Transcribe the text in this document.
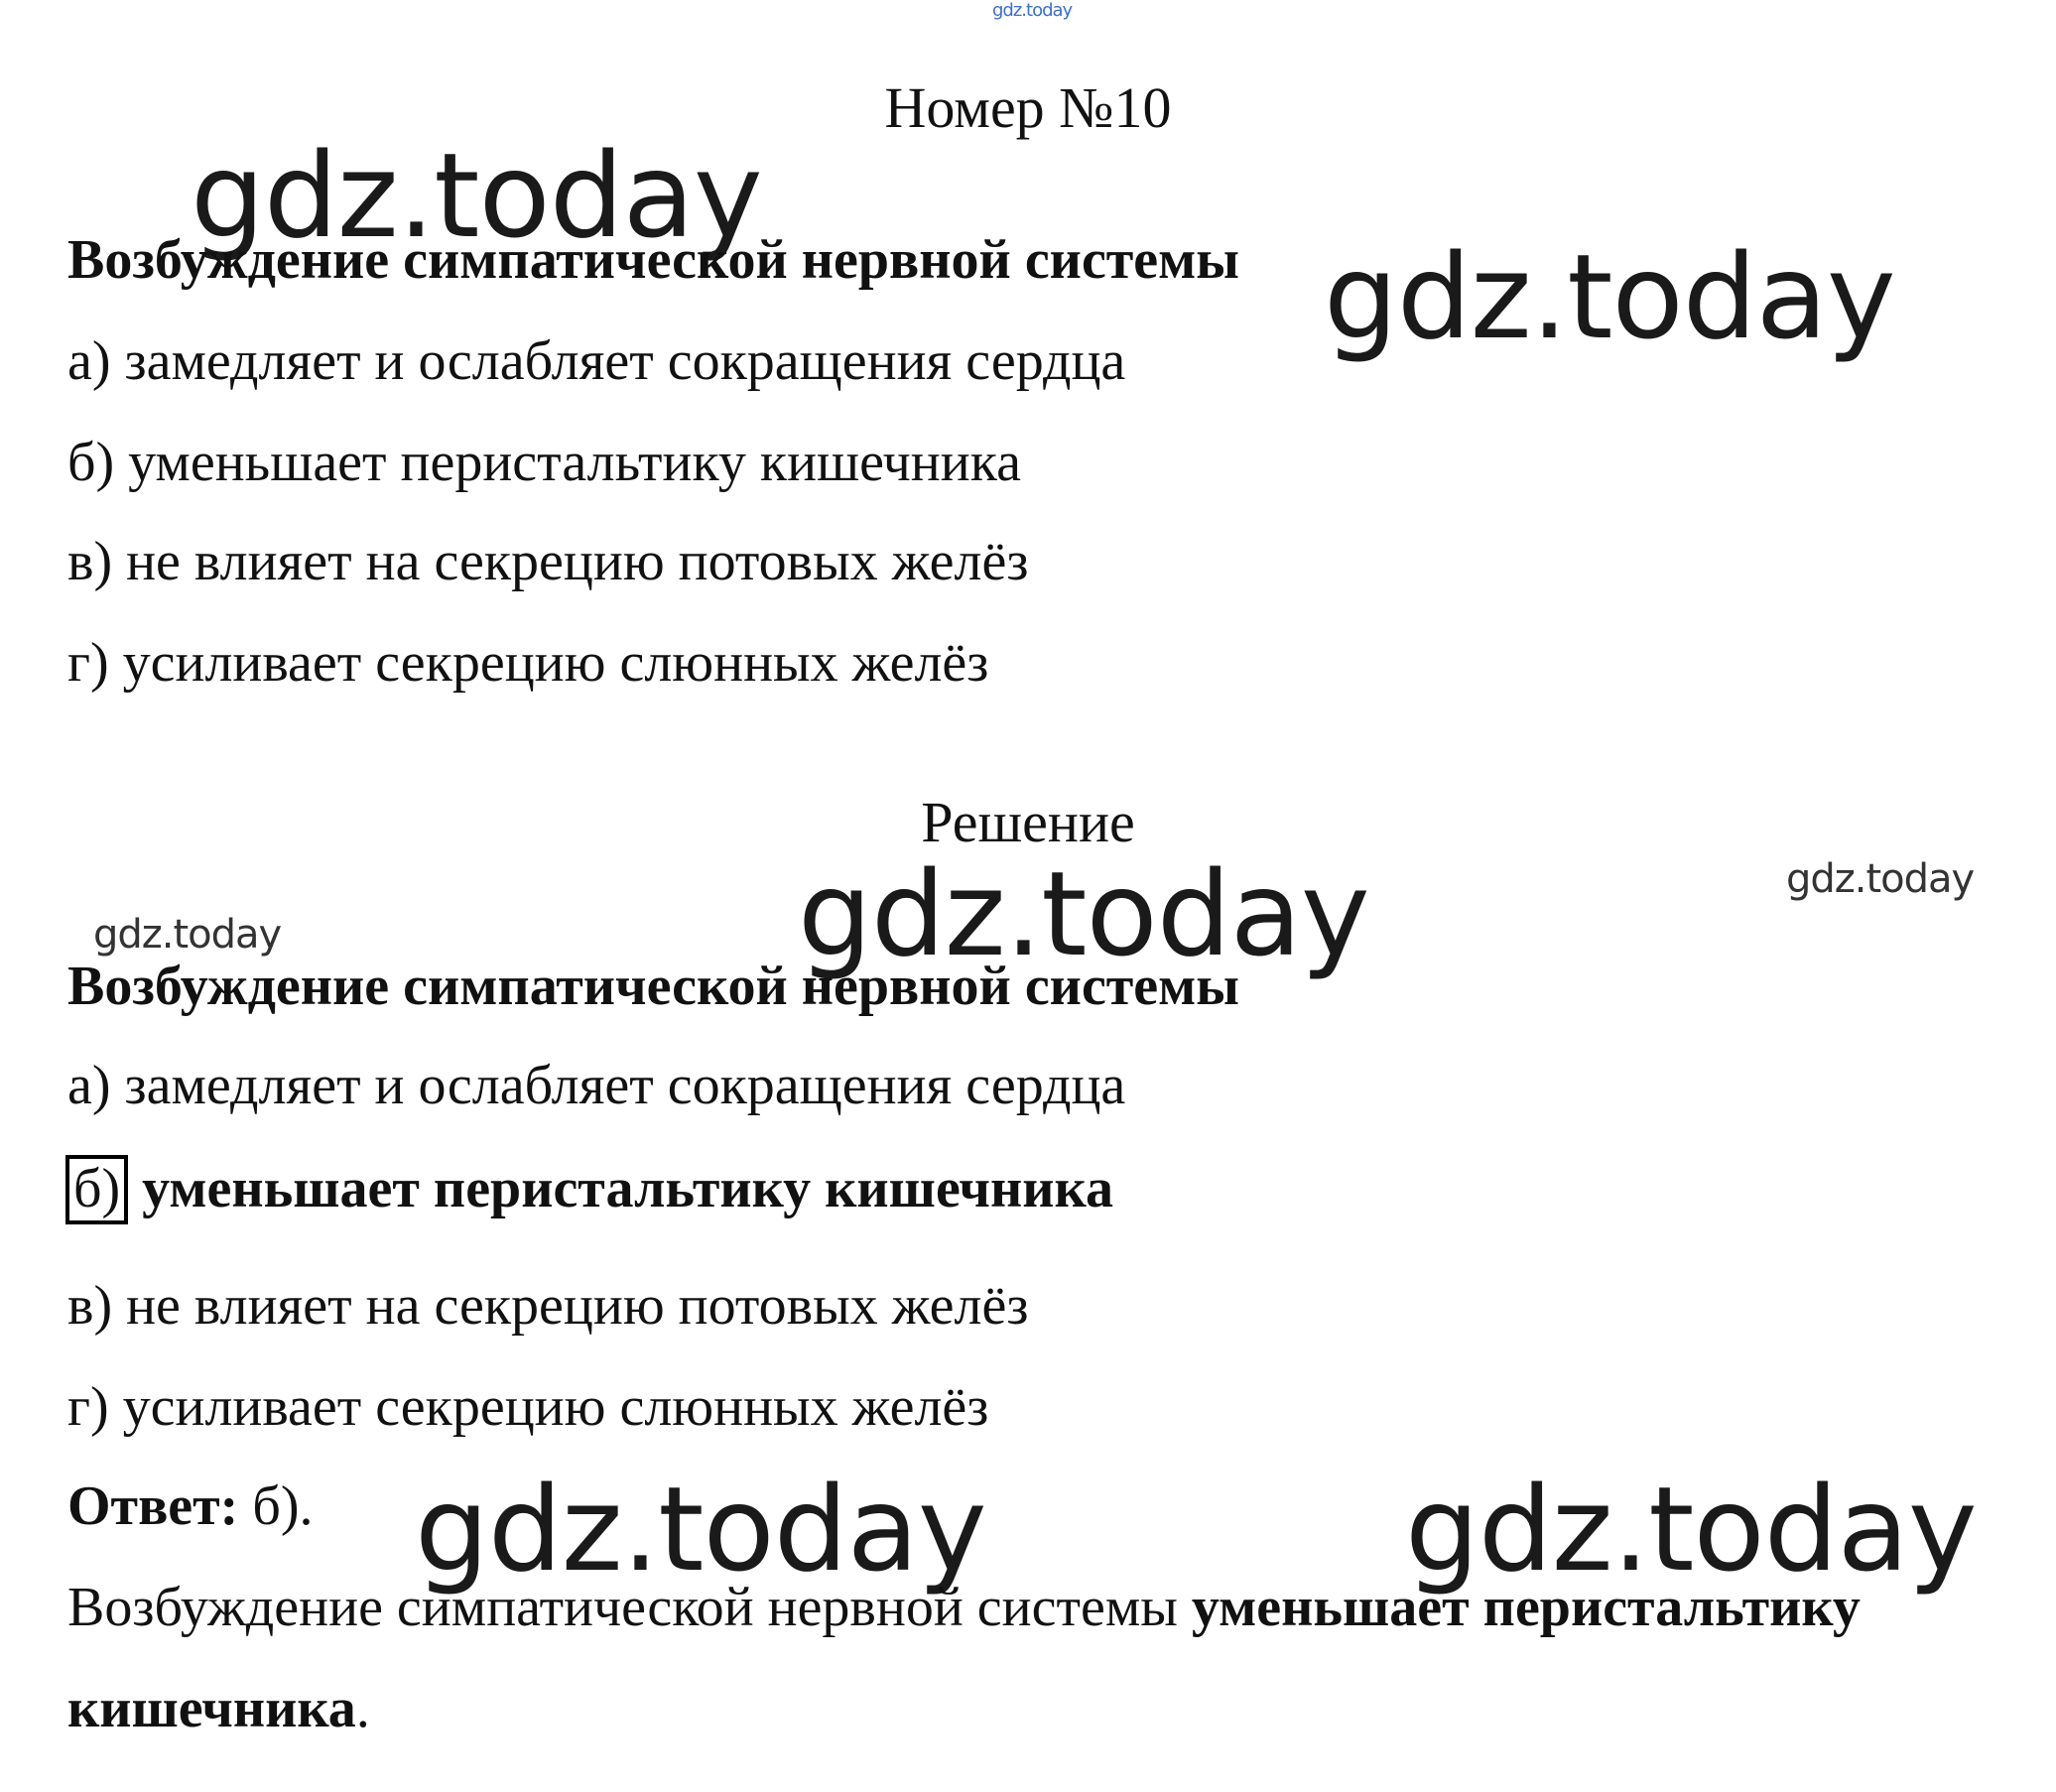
gdz.today
gdz.today
gdz.today
gdz.today	gdz.today
gdz.today
gdz.today	gdz.today
Номер №10
Возбуждение симпатической нервной системы
а) замедляет и ослабляет сокращения сердца
б) уменьшает перистальтику кишечника
в) не влияет на секрецию потовых желёз
г) усиливает секрецию слюнных желёз
Решение
Возбуждение симпатической нервной системы
а) замедляет и ослабляет сокращения сердца
б) уменьшает перистальтику кишечника
в) не влияет на секрецию потовых желёз
г) усиливает секрецию слюнных желёз
Ответ: б).
Возбуждение симпатической нервной системы уменьшает перистальтику
кишечника.
